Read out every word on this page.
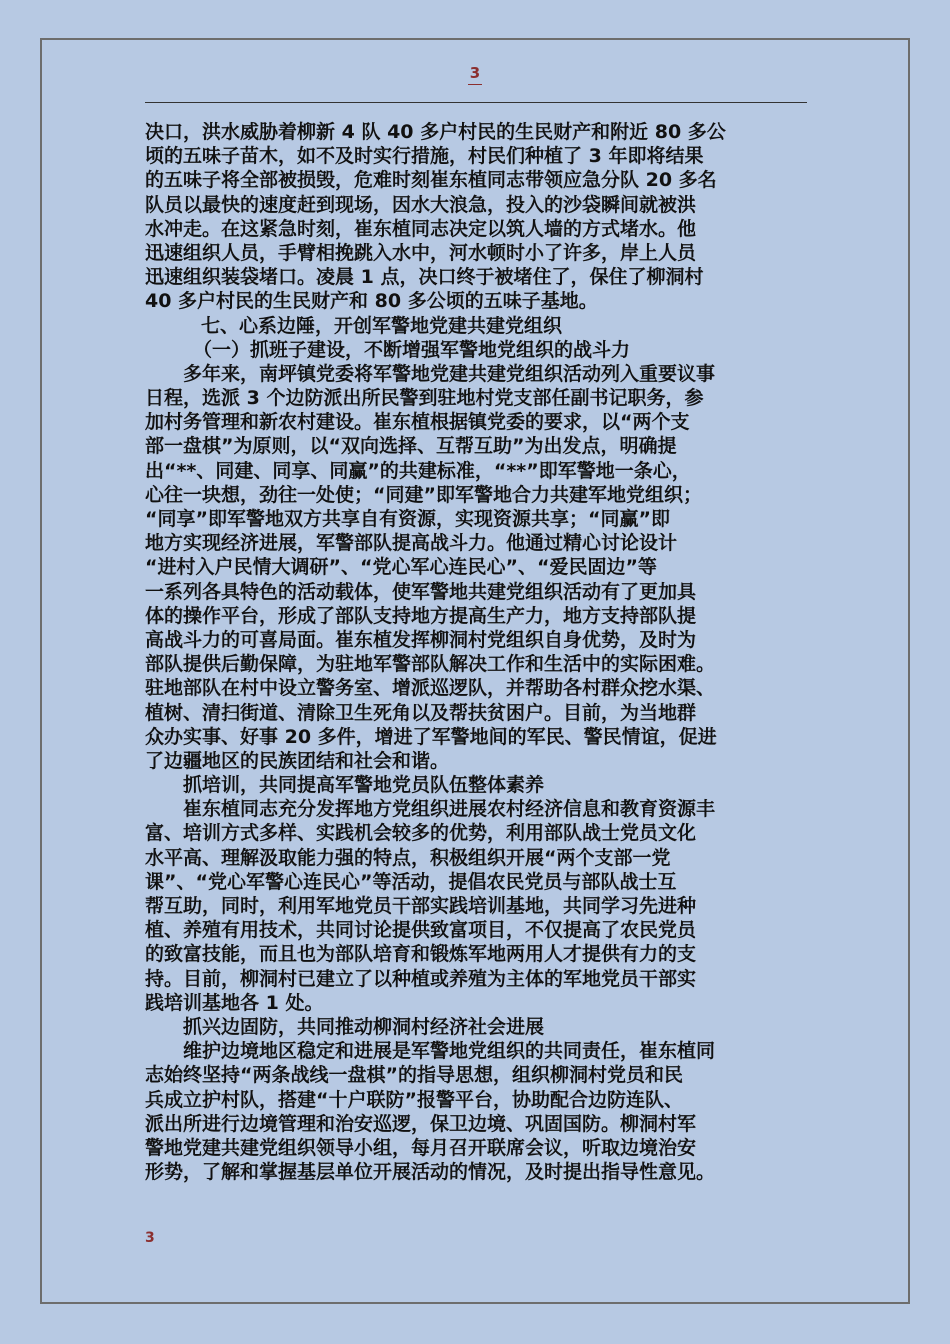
3
决口，洪水威胁着柳新 4 队 40 多户村民的生民财产和附近 80 多公
顷的五味子苗木，如不及时实行措施，村民们种植了 3 年即将结果
的五味子将全部被损毁，危难时刻崔东植同志带领应急分队 20 多名
队员以最快的速度赶到现场，因水大浪急，投入的沙袋瞬间就被洪
水冲走。在这紧急时刻，崔东植同志决定以筑人墙的方式堵水。他
迅速组织人员，手臂相挽跳入水中，河水顿时小了许多，岸上人员
迅速组织装袋堵口。凌晨 1 点，决口终于被堵住了，保住了柳洞村
40 多户村民的生民财产和 80 多公顷的五味子基地。
七、心系边陲，开创军警地党建共建党组织
（一）抓班子建设，不断增强军警地党组织的战斗力
多年来，南坪镇党委将军警地党建共建党组织活动列入重要议事
日程，选派 3 个边防派出所民警到驻地村党支部任副书记职务，参
加村务管理和新农村建设。崔东植根据镇党委的要求，以“两个支
部一盘棋”为原则，以“双向选择、互帮互助”为出发点，明确提
出“**、同建、同享、同赢”的共建标准，“**”即军警地一条心，
心往一块想，劲往一处使；“同建”即军警地合力共建军地党组织；
“同享”即军警地双方共享自有资源，实现资源共享；“同赢”即
地方实现经济进展，军警部队提高战斗力。他通过精心讨论设计
“进村入户民情大调研”、“党心军心连民心”、“爱民固边”等
一系列各具特色的活动载体，使军警地共建党组织活动有了更加具
体的操作平台，形成了部队支持地方提高生产力，地方支持部队提
高战斗力的可喜局面。崔东植发挥柳洞村党组织自身优势，及时为
部队提供后勤保障，为驻地军警部队解决工作和生活中的实际困难。
驻地部队在村中设立警务室、增派巡逻队，并帮助各村群众挖水渠、
植树、清扫街道、清除卫生死角以及帮扶贫困户。目前，为当地群
众办实事、好事 20 多件，增进了军警地间的军民、警民情谊，促进
了边疆地区的民族团结和社会和谐。
抓培训，共同提高军警地党员队伍整体素养
崔东植同志充分发挥地方党组织进展农村经济信息和教育资源丰
富、培训方式多样、实践机会较多的优势，利用部队战士党员文化
水平高、理解汲取能力强的特点，积极组织开展“两个支部一党
课”、“党心军警心连民心”等活动，提倡农民党员与部队战士互
帮互助，同时，利用军地党员干部实践培训基地，共同学习先进种
植、养殖有用技术，共同讨论提供致富项目，不仅提高了农民党员
的致富技能，而且也为部队培育和锻炼军地两用人才提供有力的支
持。目前，柳洞村已建立了以种植或养殖为主体的军地党员干部实
践培训基地各 1 处。
抓兴边固防，共同推动柳洞村经济社会进展
维护边境地区稳定和进展是军警地党组织的共同责任，崔东植同
志始终坚持“两条战线一盘棋”的指导思想，组织柳洞村党员和民
兵成立护村队，搭建“十户联防”报警平台，协助配合边防连队、
派出所进行边境管理和治安巡逻，保卫边境、巩固国防。柳洞村军
警地党建共建党组织领导小组，每月召开联席会议，听取边境治安
形势，了解和掌握基层单位开展活动的情况，及时提出指导性意见。
3
